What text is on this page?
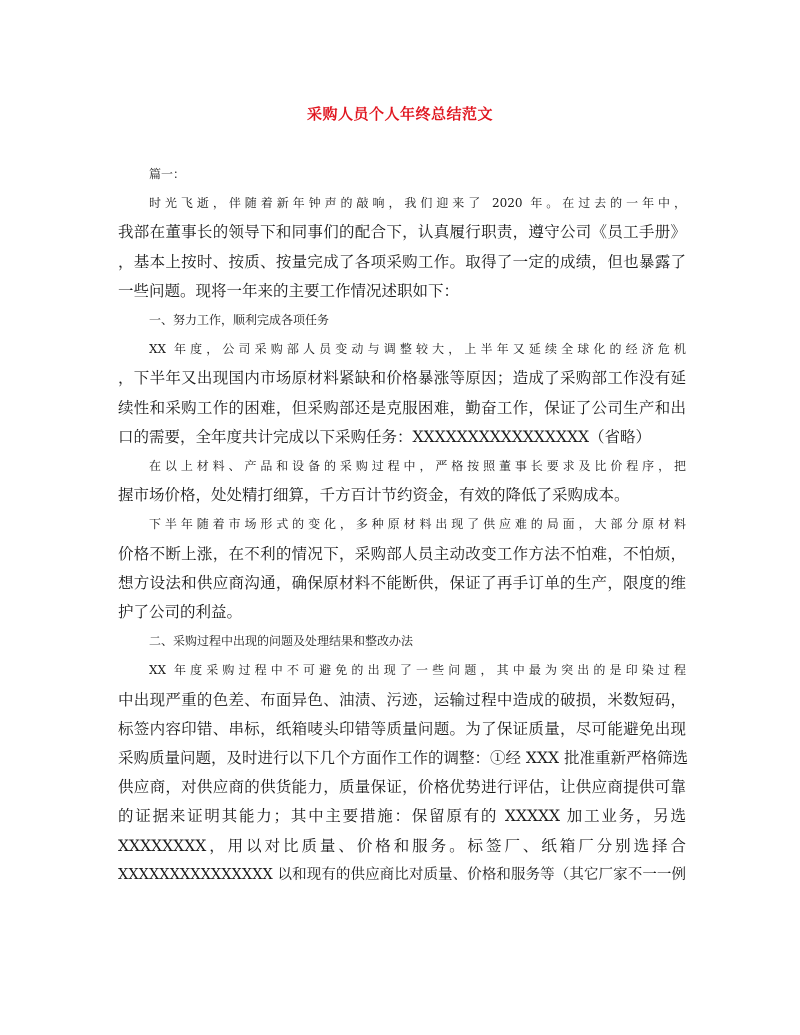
采购人员个人年终总结范文
篇一：
时光飞逝，伴随着新年钟声的敲响，我们迎来了 2020 年。在过去的一年中，
我部在董事长的领导下和同事们的配合下，认真履行职责，遵守公司《员工手册》
，基本上按时、按质、按量完成了各项采购工作。取得了一定的成绩，但也暴露了
一些问题。现将一年来的主要工作情况述职如下：
一、努力工作，顺利完成各项任务
XX 年度，公司采购部人员变动与调整较大，上半年又延续全球化的经济危机
，下半年又出现国内市场原材料紧缺和价格暴涨等原因；造成了采购部工作没有延
续性和采购工作的困难，但采购部还是克服困难，勤奋工作，保证了公司生产和出
口的需要，全年度共计完成以下采购任务：XXXXXXXXXXXXXXXX（省略）
在以上材料、产品和设备的采购过程中，严格按照董事长要求及比价程序，把
握市场价格，处处精打细算，千方百计节约资金，有效的降低了采购成本。
下半年随着市场形式的变化，多种原材料出现了供应难的局面，大部分原材料
价格不断上涨，在不利的情况下，采购部人员主动改变工作方法不怕难，不怕烦，
想方设法和供应商沟通，确保原材料不能断供，保证了再手订单的生产，限度的维
护了公司的利益。
二、采购过程中出现的问题及处理结果和整改办法
XX 年度采购过程中不可避免的出现了一些问题，其中最为突出的是印染过程
中出现严重的色差、布面异色、油渍、污迹，运输过程中造成的破损，米数短码，
标签内容印错、串标，纸箱唛头印错等质量问题。为了保证质量，尽可能避免出现
采购质量问题，及时进行以下几个方面作工作的调整：①经 XXX 批准重新严格筛选
供应商，对供应商的供货能力，质量保证，价格优势进行评估，让供应商提供可靠
的证据来证明其能力；其中主要措施：保留原有的 XXXXX 加工业务，另选
XXXXXXXX，用以对比质量、价格和服务。标签厂、纸箱厂分别选择合
XXXXXXXXXXXXXXX 以和现有的供应商比对质量、价格和服务等（其它厂家不一一例
